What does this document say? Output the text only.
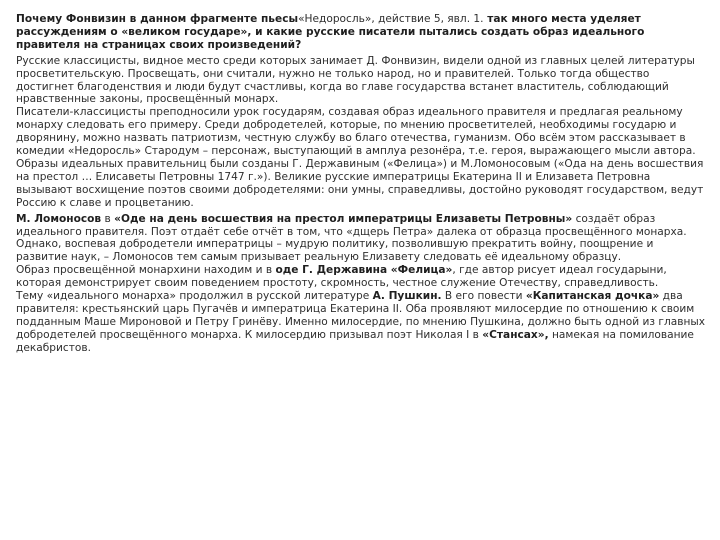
Почему Фонвизин в данном фрагменте пьесы«Недоросль», действие 5, явл. 1. так много места уделяет рассуждениям о «великом государе», и какие русские писатели пытались создать образ идеального правителя на страницах своих произведений?

Русские классицисты, видное место среди которых занимает Д. Фонвизин, видели одной из главных целей литературы просветительскую. Просвещать, они считали, нужно не только народ, но и правителей. Только тогда общество достигнет благоденствия и люди будут счастливы, когда во главе государства встанет властитель, соблюдающий нравственные законы, просвещённый монарх.

Писатели-классицисты преподносили урок государям, создавая образ идеального правителя и предлагая реальному монарху следовать его примеру. Среди добродетелей, которые, по мнению просветителей, необходимы государю и дворянину, можно назвать патриотизм, честную службу во благо отечества, гуманизм. Обо всём этом рассказывает в комедии «Недоросль» Стародум – персонаж, выступающий в амплуа резонёра, т.е. героя, выражающего мысли автора.

Образы идеальных правительниц были созданы Г. Державиным («Фелица») и М.Ломоносовым («Ода на день восшествия на престол … Елисаветы Петровны 1747 г.»). Великие русские императрицы Екатерина II и Елизавета Петровна вызывают восхищение поэтов своими добродетелями: они умны, справедливы, достойно руководят государством, ведут Россию к славе и процветанию.

М. Ломоносов в «Оде на день восшествия на престол императрицы Елизаветы Петровны» создаёт образ идеального правителя. Поэт отдаёт себе отчёт в том, что «дщерь Петра» далека от образца просвещённого монарха. Однако, воспевая добродетели императрицы – мудрую политику, позволившую прекратить войну, поощрение и развитие наук, – Ломоносов тем самым призывает реальную Елизавету следовать её идеальному образцу.

Образ просвещённой монархини находим и в оде Г. Державина «Фелица», где автор рисует идеал государыни, которая демонстрирует своим поведением простоту, скромность, честное служение Отечеству, справедливость.

Тему «идеального монарха» продолжил в русской литературе А. Пушкин. В его повести «Капитанская дочка» два правителя: крестьянский царь Пугачёв и императрица Екатерина II. Оба проявляют милосердие по отношению к своим подданным Маше Мироновой и Петру Гринёву. Именно милосердие, по мнению Пушкина, должно быть одной из главных добродетелей просвещённого монарха. К милосердию призывал поэт Николая I в «Стансах», намекая на помилование декабристов.
